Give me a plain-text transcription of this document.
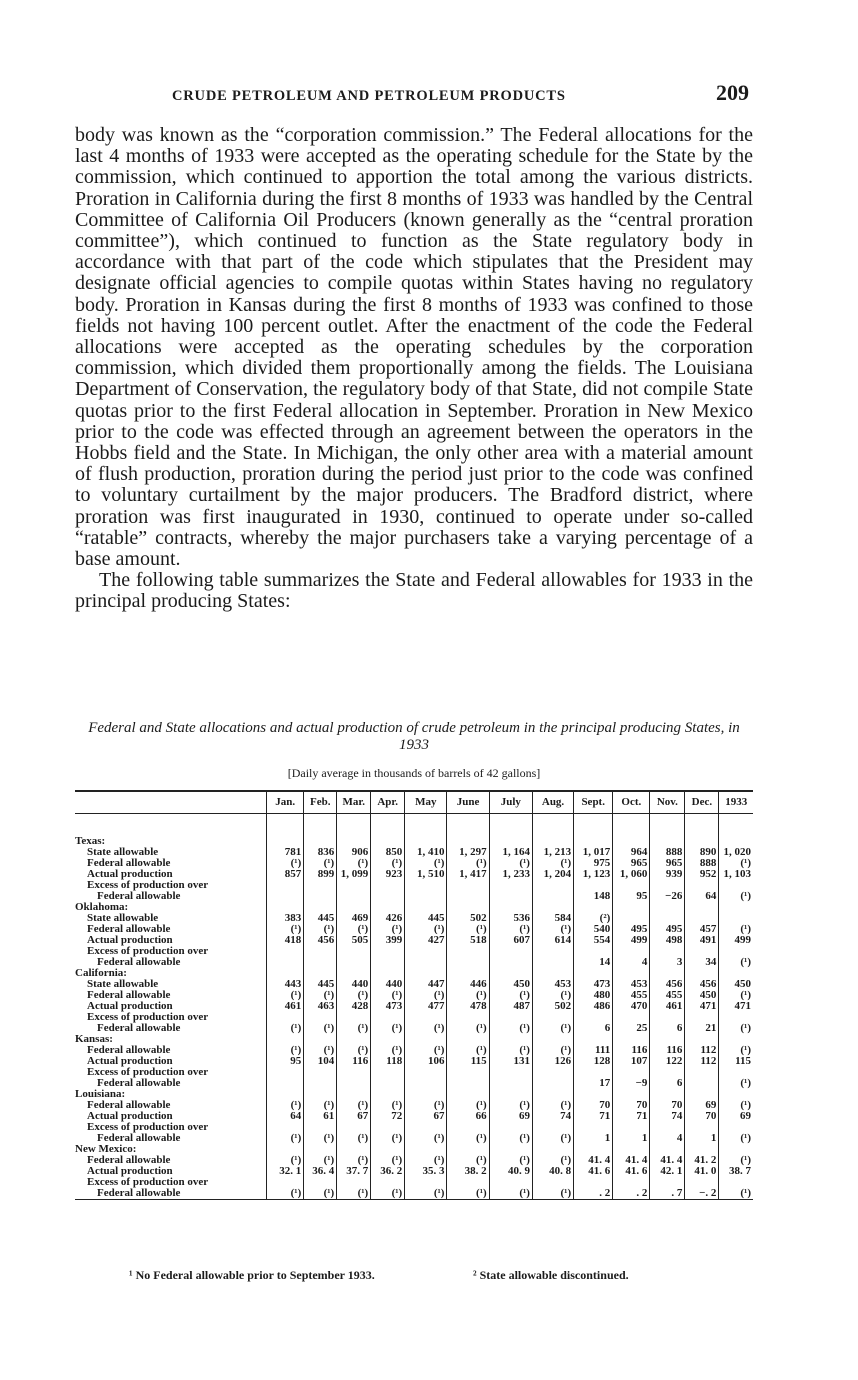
CRUDE PETROLEUM AND PETROLEUM PRODUCTS	209

body was known as the “corporation commission.” The Federal allocations for the last 4 months of 1933 were accepted as the operating schedule for the State by the commission, which continued to apportion the total among the various districts. Proration in California during the first 8 months of 1933 was handled by the Central Committee of California Oil Producers (known generally as the “central proration committee”), which continued to function as the State regulatory body in accordance with that part of the code which stipulates that the President may designate official agencies to compile quotas within States having no regulatory body. Proration in Kansas during the first 8 months of 1933 was confined to those fields not having 100 percent outlet. After the enactment of the code the Federal allocations were accepted as the operating schedules by the corporation commission, which divided them proportionally among the fields. The Louisiana Department of Conservation, the regulatory body of that State, did not compile State quotas prior to the first Federal allocation in September. Proration in New Mexico prior to the code was effected through an agreement between the operators in the Hobbs field and the State. In Michigan, the only other area with a material amount of flush production, proration during the period just prior to the code was confined to voluntary curtailment by the major producers. The Bradford district, where proration was first inaugurated in 1930, continued to operate under so-called “ratable” contracts, whereby the major purchasers take a varying percentage of a base amount.

The following table summarizes the State and Federal allowables for 1933 in the principal producing States:

Federal and State allocations and actual production of crude petroleum in the principal producing States, in 1933
[Daily average in thousands of barrels of 42 gallons]
	Jan.	Feb.	Mar.	Apr.	May	June	July	Aug.	Sept.	Oct.	Nov.	Dec.	1933
Texas:													
State allowable	781	836	906	850	1, 410	1, 297	1, 164	1, 213	1, 017	964	888	890	1, 020
Federal allowable	(¹)	(¹)	(¹)	(¹)	(¹)	(¹)	(¹)	(¹)	975	965	965	888	(¹)
Actual production	857	899	1, 099	923	1, 510	1, 417	1, 233	1, 204	1, 123	1, 060	939	952	1, 103
Excess of production over													
Federal allowable									148	95	−26	64	(¹)
Oklahoma:													
State allowable	383	445	469	426	445	502	536	584	(²)				
Federal allowable	(¹)	(¹)	(¹)	(¹)	(¹)	(¹)	(¹)	(¹)	540	495	495	457	(¹)
Actual production	418	456	505	399	427	518	607	614	554	499	498	491	499
Excess of production over													
Federal allowable									14	4	3	34	(¹)
California:													
State allowable	443	445	440	440	447	446	450	453	473	453	456	456	450
Federal allowable	(¹)	(¹)	(¹)	(¹)	(¹)	(¹)	(¹)	(¹)	480	455	455	450	(¹)
Actual production	461	463	428	473	477	478	487	502	486	470	461	471	471
Excess of production over													
Federal allowable	(¹)	(¹)	(¹)	(¹)	(¹)	(¹)	(¹)	(¹)	6	25	6	21	(¹)
Kansas:													
Federal allowable	(¹)	(¹)	(¹)	(¹)	(¹)	(¹)	(¹)	(¹)	111	116	116	112	(¹)
Actual production	95	104	116	118	106	115	131	126	128	107	122	112	115
Excess of production over													
Federal allowable									17	−9	6		(¹)
Louisiana:													
Federal allowable	(¹)	(¹)	(¹)	(¹)	(¹)	(¹)	(¹)	(¹)	70	70	70	69	(¹)
Actual production	64	61	67	72	67	66	69	74	71	71	74	70	69
Excess of production over													
Federal allowable	(¹)	(¹)	(¹)	(¹)	(¹)	(¹)	(¹)	(¹)	1	1	4	1	(¹)
New Mexico:													
Federal allowable	(¹)	(¹)	(¹)	(¹)	(¹)	(¹)	(¹)	(¹)	41. 4	41. 4	41. 4	41. 2	(¹)
Actual production	32. 1	36. 4	37. 7	36. 2	35. 3	38. 2	40. 9	40. 8	41. 6	41. 6	42. 1	41. 0	38. 7
Excess of production over													
Federal allowable	(¹)	(¹)	(¹)	(¹)	(¹)	(¹)	(¹)	(¹)	. 2	. 2	. 7	−. 2	(¹)
¹ No Federal allowable prior to September 1933.	² State allowable discontinued.
